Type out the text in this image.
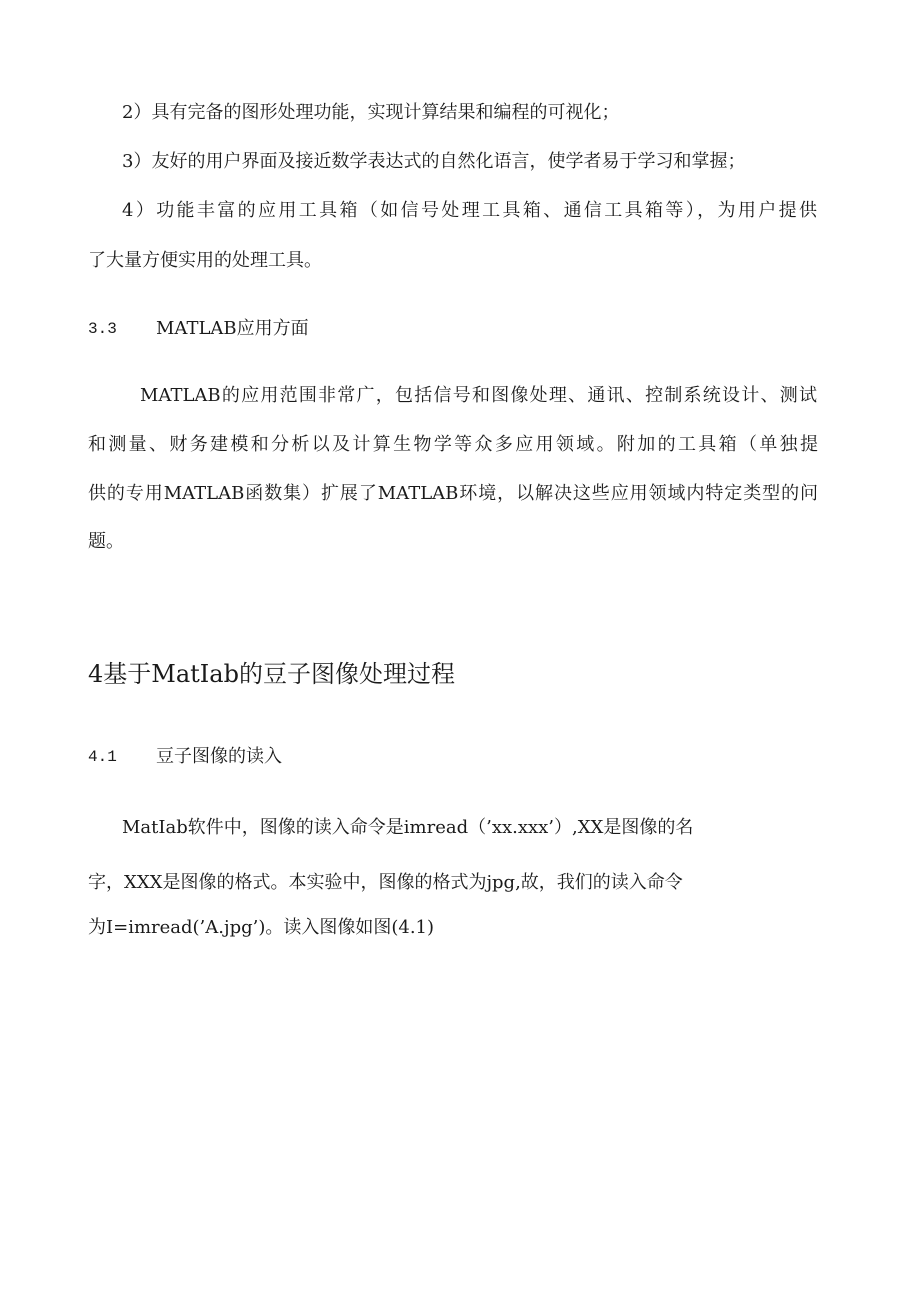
2）具有完备的图形处理功能，实现计算结果和编程的可视化；
3）友好的用户界面及接近数学表达式的自然化语言，使学者易于学习和掌握；
4）功能丰富的应用工具箱（如信号处理工具箱、通信工具箱等），为用户提供
了大量方便实用的处理工具。
3.3 MATLAB应用方面
MATLAB的应用范围非常广，包括信号和图像处理、通讯、控制系统设计、测试
和测量、财务建模和分析以及计算生物学等众多应用领域。附加的工具箱（单独提
供的专用MATLAB函数集）扩展了MATLAB环境，以解决这些应用领域内特定类型的问
题。
4基于MatIab的豆子图像处理过程
4.1 豆子图像的读入
MatIab软件中，图像的读入命令是imread（’xx.xxx’）,XX是图像的名
字，XXX是图像的格式。本实验中，图像的格式为jpg,故，我们的读入命令
为I=imread(’A.jpg’)。读入图像如图(4.1)
